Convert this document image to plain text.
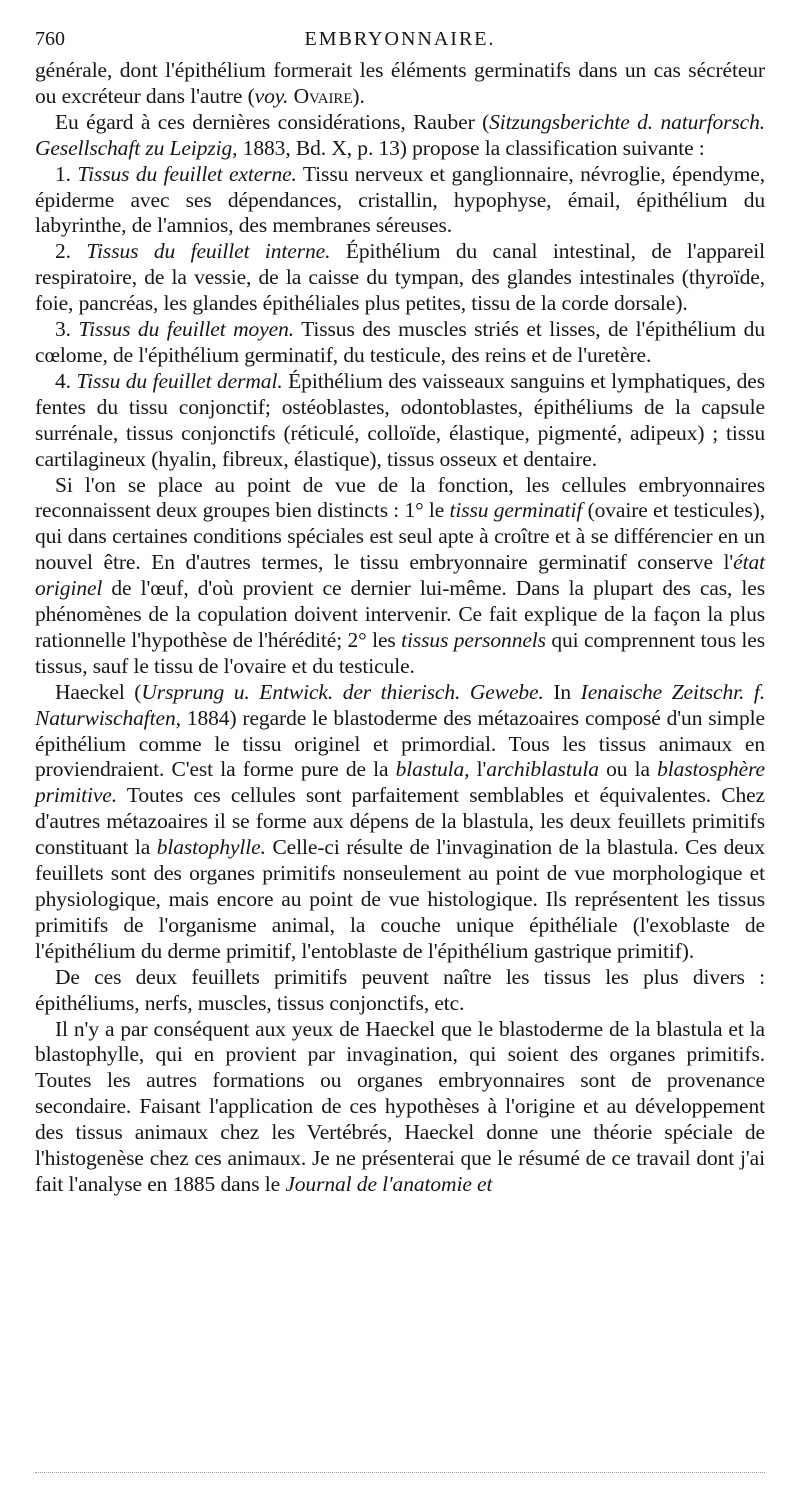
760	EMBRYONNAIRE.

générale, dont l'épithélium formerait les éléments germinatifs dans un cas sécréteur ou excréteur dans l'autre (voy. Ovaire).

Eu égard à ces dernières considérations, Rauber (Sitzungsberichte d. naturforsch. Gesellschaft zu Leipzig, 1883, Bd. X, p. 13) propose la classification suivante :

1. Tissus du feuillet externe. Tissu nerveux et ganglionnaire, névroglie, épendyme, épiderme avec ses dépendances, cristallin, hypophyse, émail, épithélium du labyrinthe, de l'amnios, des membranes séreuses.

2. Tissus du feuillet interne. Épithélium du canal intestinal, de l'appareil respiratoire, de la vessie, de la caisse du tympan, des glandes intestinales (thyroïde, foie, pancréas, les glandes épithéliales plus petites, tissu de la corde dorsale).

3. Tissus du feuillet moyen. Tissus des muscles striés et lisses, de l'épithélium du cœlome, de l'épithélium germinatif, du testicule, des reins et de l'uretère.

4. Tissu du feuillet dermal. Épithélium des vaisseaux sanguins et lymphatiques, des fentes du tissu conjonctif; ostéoblastes, odontoblastes, épithéliums de la capsule surrénale, tissus conjonctifs (réticulé, colloïde, élastique, pigmenté, adipeux) ; tissu cartilagineux (hyalin, fibreux, élastique), tissus osseux et dentaire.

Si l'on se place au point de vue de la fonction, les cellules embryonnaires reconnaissent deux groupes bien distincts : 1° le tissu germinatif (ovaire et testicules), qui dans certaines conditions spéciales est seul apte à croître et à se différencier en un nouvel être. En d'autres termes, le tissu embryonnaire germinatif conserve l'état originel de l'œuf, d'où provient ce dernier lui-même. Dans la plupart des cas, les phénomènes de la copulation doivent intervenir. Ce fait explique de la façon la plus rationnelle l'hypothèse de l'hérédité; 2° les tissus personnels qui comprennent tous les tissus, sauf le tissu de l'ovaire et du testicule.

Haeckel (Ursprung u. Entwick. der thierisch. Gewebe. In Ienaische Zeitschr. f. Naturwischaften, 1884) regarde le blastoderme des métazoaires composé d'un simple épithélium comme le tissu originel et primordial. Tous les tissus animaux en proviendraient. C'est la forme pure de la blastula, l'archiblastula ou la blastosphère primitive. Toutes ces cellules sont parfaitement semblables et équivalentes. Chez d'autres métazoaires il se forme aux dépens de la blastula, les deux feuillets primitifs constituant la blastophylle. Celle-ci résulte de l'invagination de la blastula. Ces deux feuillets sont des organes primitifs nonseulement au point de vue morphologique et physiologique, mais encore au point de vue histologique. Ils représentent les tissus primitifs de l'organisme animal, la couche unique épithéliale (l'exoblaste de l'épithélium du derme primitif, l'entoblaste de l'épithélium gastrique primitif).

De ces deux feuillets primitifs peuvent naître les tissus les plus divers : épithéliums, nerfs, muscles, tissus conjonctifs, etc.

Il n'y a par conséquent aux yeux de Haeckel que le blastoderme de la blastula et la blastophylle, qui en provient par invagination, qui soient des organes primitifs. Toutes les autres formations ou organes embryonnaires sont de provenance secondaire. Faisant l'application de ces hypothèses à l'origine et au développement des tissus animaux chez les Vertébrés, Haeckel donne une théorie spéciale de l'histogenèse chez ces animaux. Je ne présenterai que le résumé de ce travail dont j'ai fait l'analyse en 1885 dans le Journal de l'anatomie et
